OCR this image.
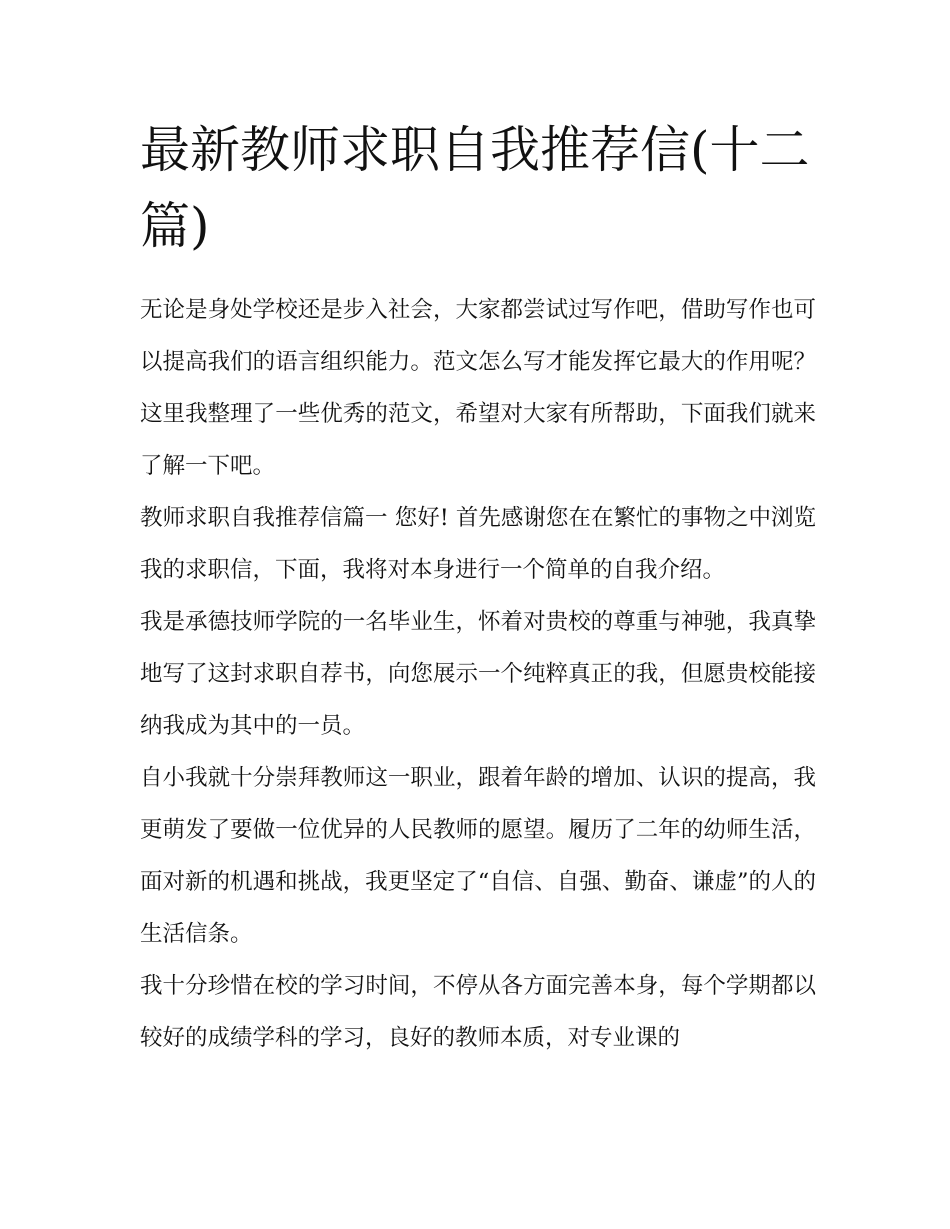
最新教师求职自我推荐信(十二篇)

无论是身处学校还是步入社会，大家都尝试过写作吧，借助写作也可以提高我们的语言组织能力。范文怎么写才能发挥它最大的作用呢？这里我整理了一些优秀的范文，希望对大家有所帮助，下面我们就来了解一下吧。

教师求职自我推荐信篇一 您好! 首先感谢您在在繁忙的事物之中浏览我的求职信，下面，我将对本身进行一个简单的自我介绍。

我是承德技师学院的一名毕业生，怀着对贵校的尊重与神驰，我真挚地写了这封求职自荐书，向您展示一个纯粹真正的我，但愿贵校能接纳我成为其中的一员。

自小我就十分崇拜教师这一职业，跟着年龄的增加、认识的提高，我更萌发了要做一位优异的人民教师的愿望。履历了二年的幼师生活，面对新的机遇和挑战，我更坚定了“自信、自强、勤奋、谦虚”的人的生活信条。

我十分珍惜在校的学习时间，不停从各方面完善本身，每个学期都以较好的成绩学科的学习，良好的教师本质，对专业课的
